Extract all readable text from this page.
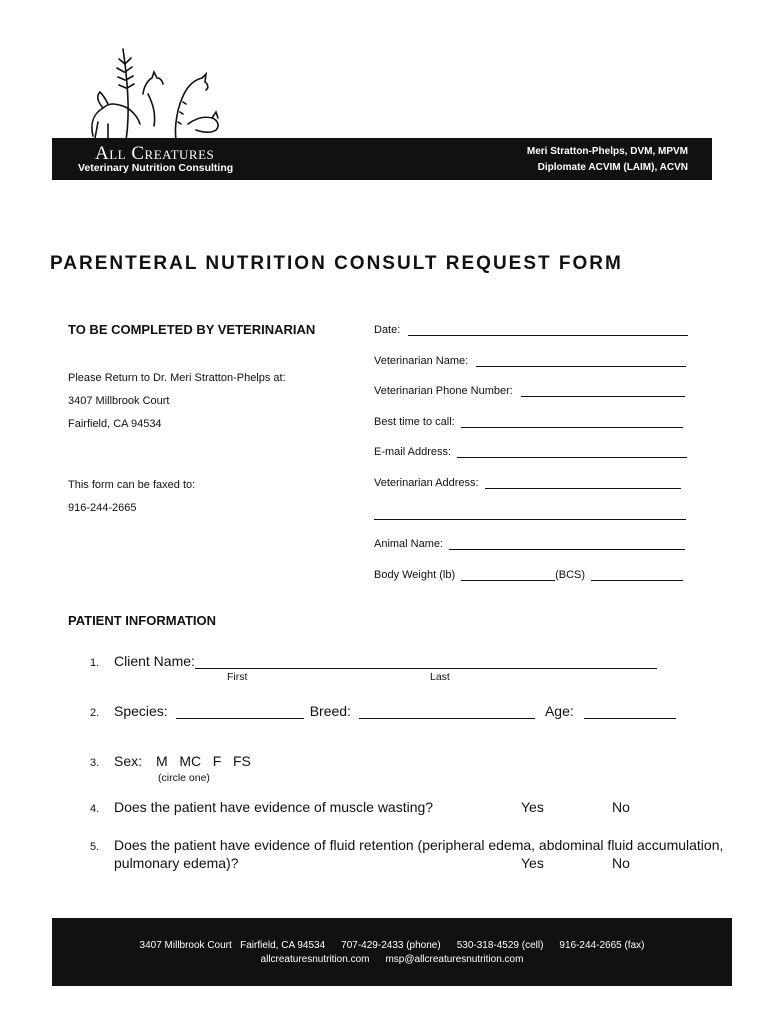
All Creatures
Veterinary Nutrition Consulting
Meri Stratton-Phelps, DVM, MPVM
Diplomate ACVIM (LAIM), ACVN
PARENTERAL NUTRITION CONSULT REQUEST FORM
TO BE COMPLETED BY VETERINARIAN
Please Return to Dr. Meri Stratton-Phelps at:
3407 Millbrook Court
Fairfield, CA 94534
This form can be faxed to:
916-244-2665
Date:
Veterinarian Name:
Veterinarian Phone Number:
Best time to call:
E-mail Address:
Veterinarian Address:
Animal Name:
Body Weight (lb)	(BCS)
PATIENT INFORMATION
1.	Client Name:
First	Last
2.	Species:	Breed:	Age:
3. Sex: M   MC   F   FS
(circle one)
4. Does the patient have evidence of muscle wasting?	Yes	No
5. Does the patient have evidence of fluid retention (peripheral edema, abdominal fluid accumulation,
pulmonary edema)?	Yes	No
3407 Millbrook Court   Fairfield, CA 94534 707-429-2433 (phone) 530-318-4529 (cell) 916-244-2665 (fax)
allcreaturesnutrition.com msp@allcreaturesnutrition.com
